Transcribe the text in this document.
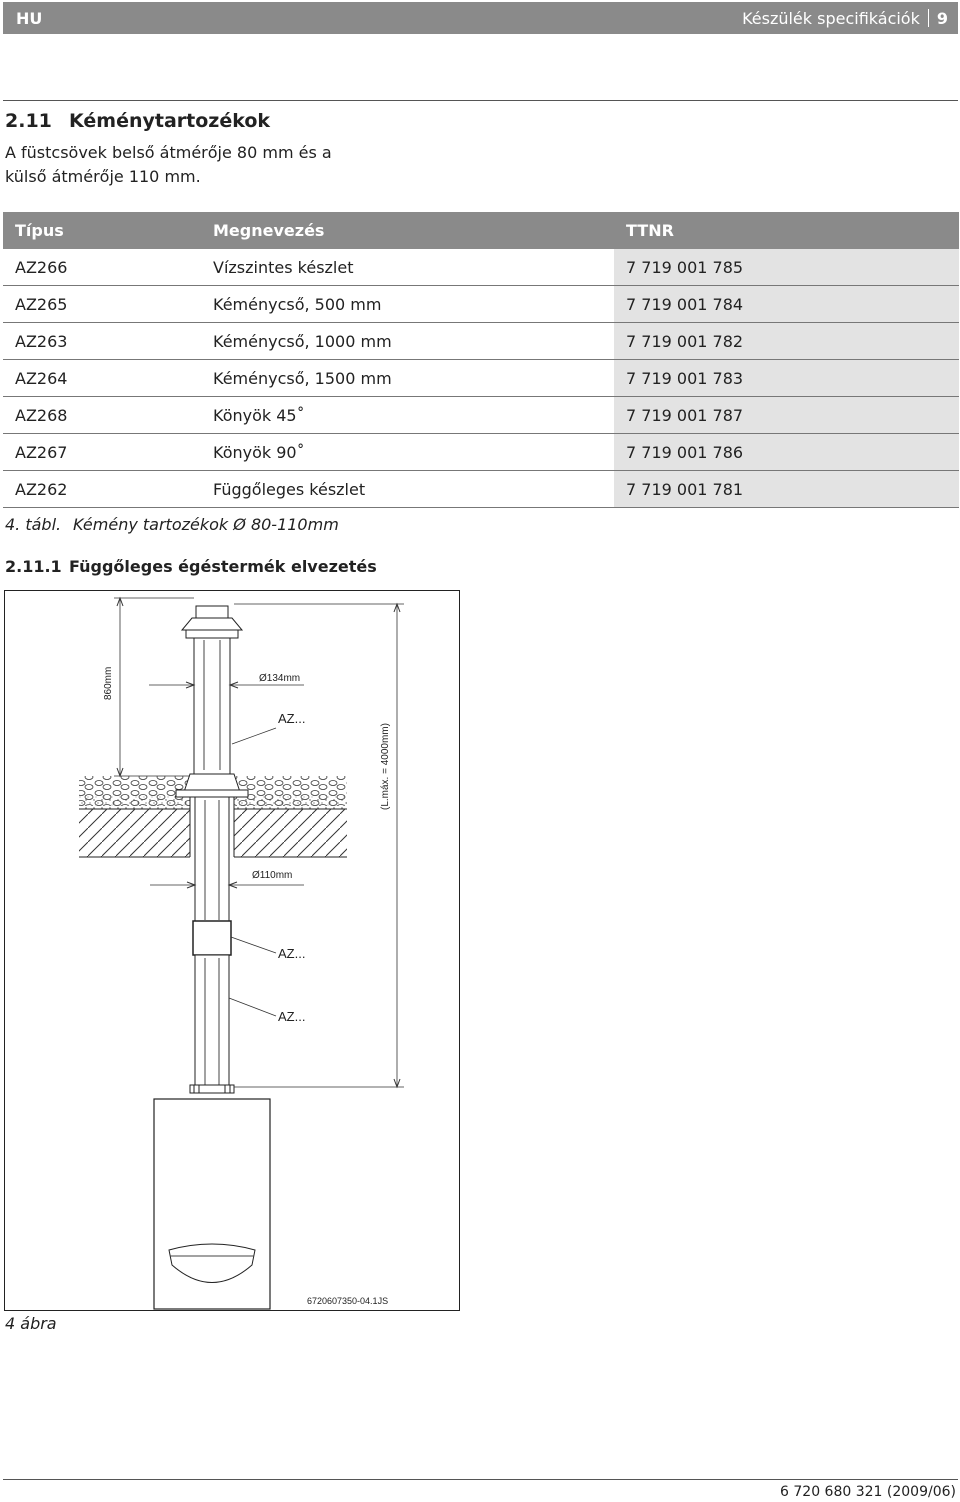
HU	Készülék specifikációk 9
2.11 Kéménytartozékok
A füstcsövek belső átmérője 80 mm és a külső átmérője 110 mm.
Típus	Megnevezés	TTNR
AZ266	Vízszintes készlet	7 719 001 785
AZ265	Kéménycső, 500 mm	7 719 001 784
AZ263	Kéménycső, 1000 mm	7 719 001 782
AZ264	Kéménycső, 1500 mm	7 719 001 783
AZ268	Könyök 45˚	7 719 001 787
AZ267	Könyök 90˚	7 719 001 786
AZ262	Függőleges készlet	7 719 001 781
4. tábl. Kémény tartozékok Ø 80-110mm
2.11.1 Függőleges égéstermék elvezetés
860mm
(L.máx. = 4000mm)
Ø134mm
AZ...
Ø110mm
AZ...
AZ...
6720607350-04.1JS
4 ábra
6 720 680 321 (2009/06)
